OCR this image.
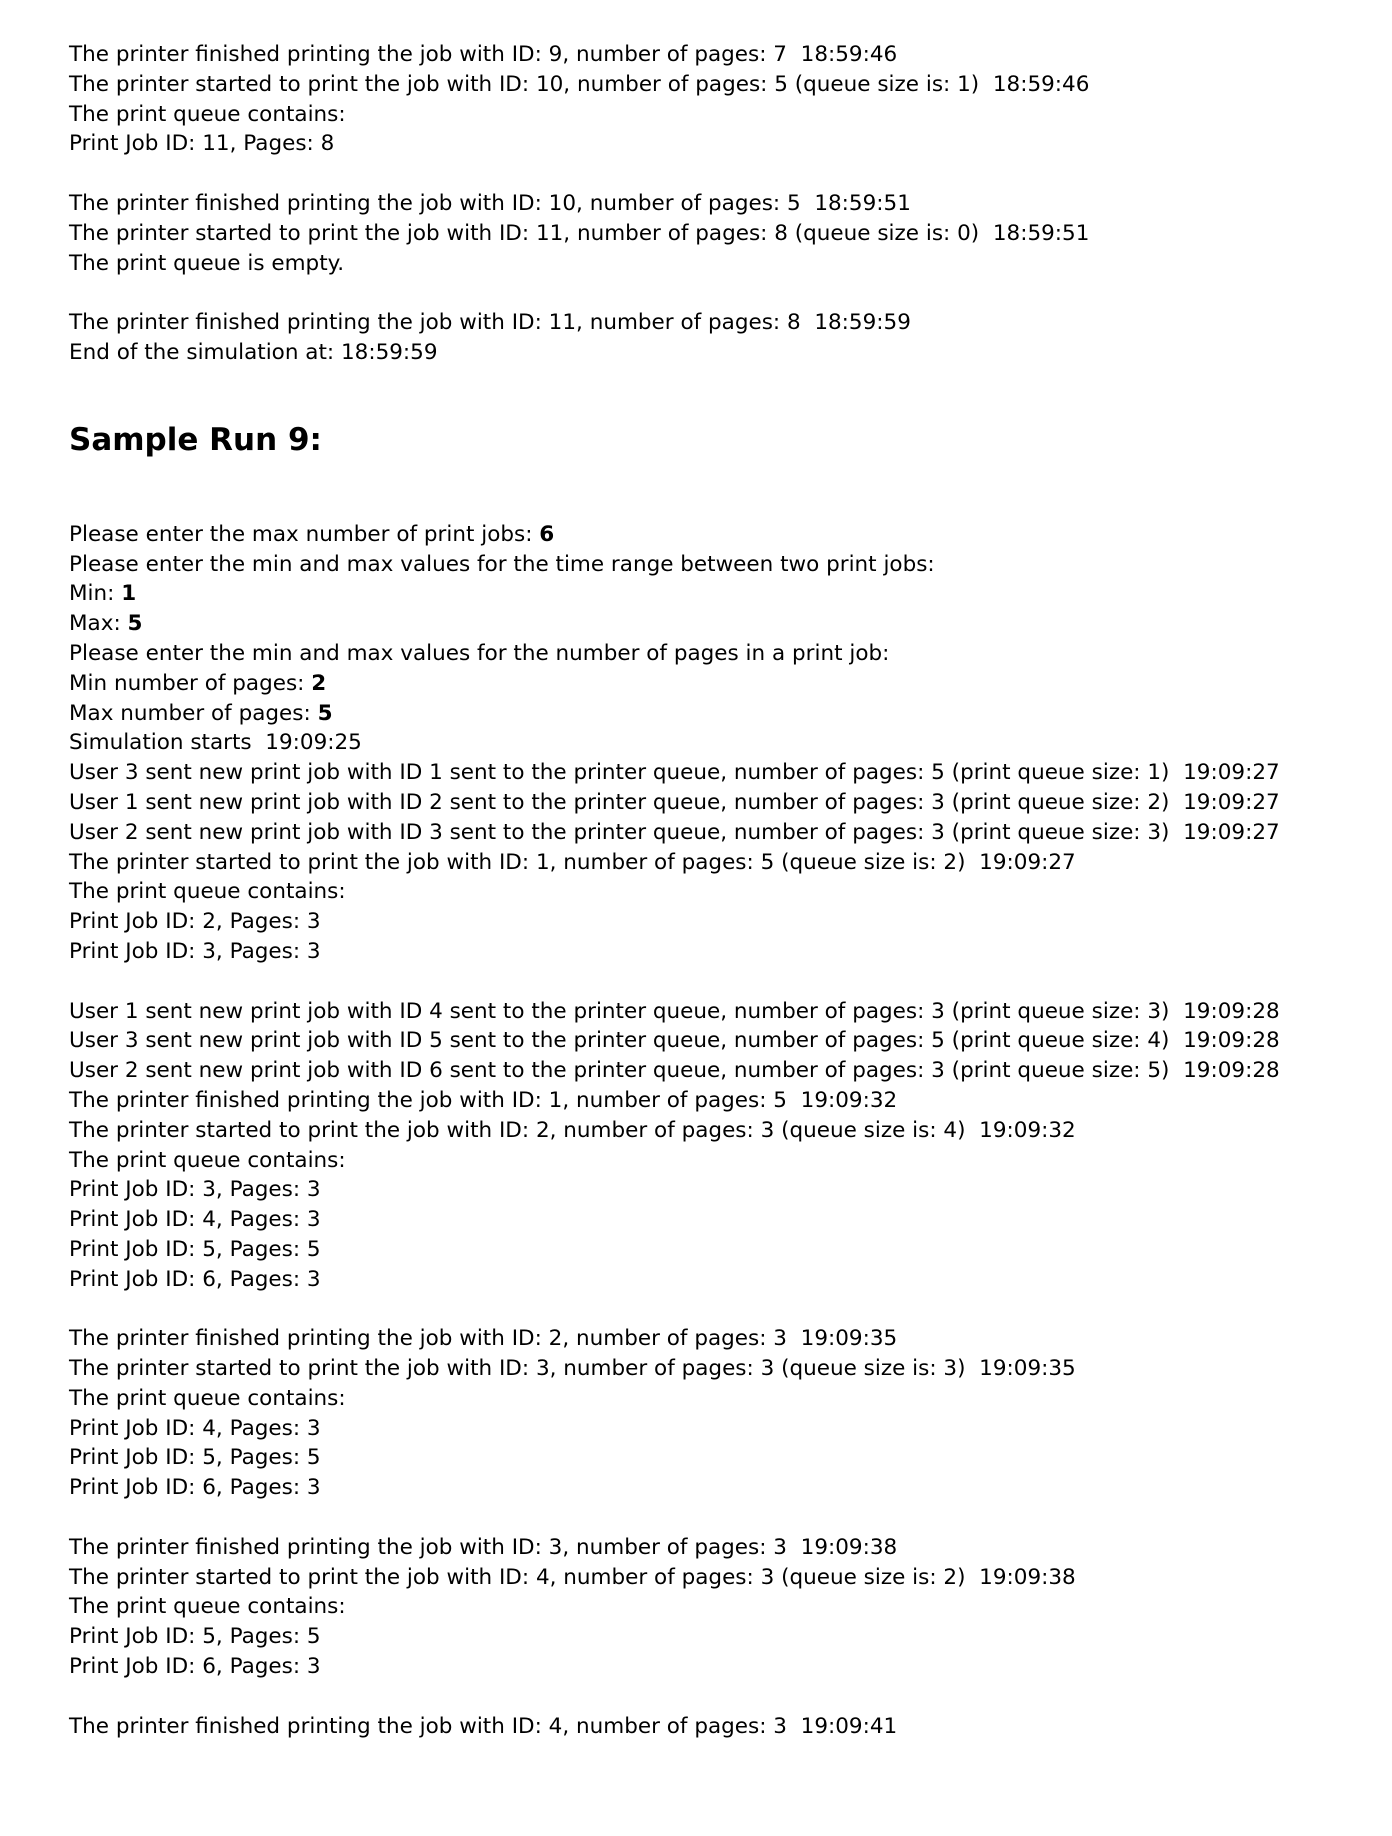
The printer finished printing the job with ID: 9, number of pages: 7  18:59:46

The printer started to print the job with ID: 10, number of pages: 5 (queue size is: 1)  18:59:46

The print queue contains:

Print Job ID: 11, Pages: 8

The printer finished printing the job with ID: 10, number of pages: 5  18:59:51

The printer started to print the job with ID: 11, number of pages: 8 (queue size is: 0)  18:59:51

The print queue is empty.

The printer finished printing the job with ID: 11, number of pages: 8  18:59:59

End of the simulation at: 18:59:59

Sample Run 9:

Please enter the max number of print jobs: 6

Please enter the min and max values for the time range between two print jobs:

Min: 1

Max: 5

Please enter the min and max values for the number of pages in a print job:

Min number of pages: 2

Max number of pages: 5

Simulation starts  19:09:25

User 3 sent new print job with ID 1 sent to the printer queue, number of pages: 5 (print queue size: 1)  19:09:27

User 1 sent new print job with ID 2 sent to the printer queue, number of pages: 3 (print queue size: 2)  19:09:27

User 2 sent new print job with ID 3 sent to the printer queue, number of pages: 3 (print queue size: 3)  19:09:27

The printer started to print the job with ID: 1, number of pages: 5 (queue size is: 2)  19:09:27

The print queue contains:

Print Job ID: 2, Pages: 3

Print Job ID: 3, Pages: 3

User 1 sent new print job with ID 4 sent to the printer queue, number of pages: 3 (print queue size: 3)  19:09:28

User 3 sent new print job with ID 5 sent to the printer queue, number of pages: 5 (print queue size: 4)  19:09:28

User 2 sent new print job with ID 6 sent to the printer queue, number of pages: 3 (print queue size: 5)  19:09:28

The printer finished printing the job with ID: 1, number of pages: 5  19:09:32

The printer started to print the job with ID: 2, number of pages: 3 (queue size is: 4)  19:09:32

The print queue contains:

Print Job ID: 3, Pages: 3

Print Job ID: 4, Pages: 3

Print Job ID: 5, Pages: 5

Print Job ID: 6, Pages: 3

The printer finished printing the job with ID: 2, number of pages: 3  19:09:35

The printer started to print the job with ID: 3, number of pages: 3 (queue size is: 3)  19:09:35

The print queue contains:

Print Job ID: 4, Pages: 3

Print Job ID: 5, Pages: 5

Print Job ID: 6, Pages: 3

The printer finished printing the job with ID: 3, number of pages: 3  19:09:38

The printer started to print the job with ID: 4, number of pages: 3 (queue size is: 2)  19:09:38

The print queue contains:

Print Job ID: 5, Pages: 5

Print Job ID: 6, Pages: 3

The printer finished printing the job with ID: 4, number of pages: 3  19:09:41
